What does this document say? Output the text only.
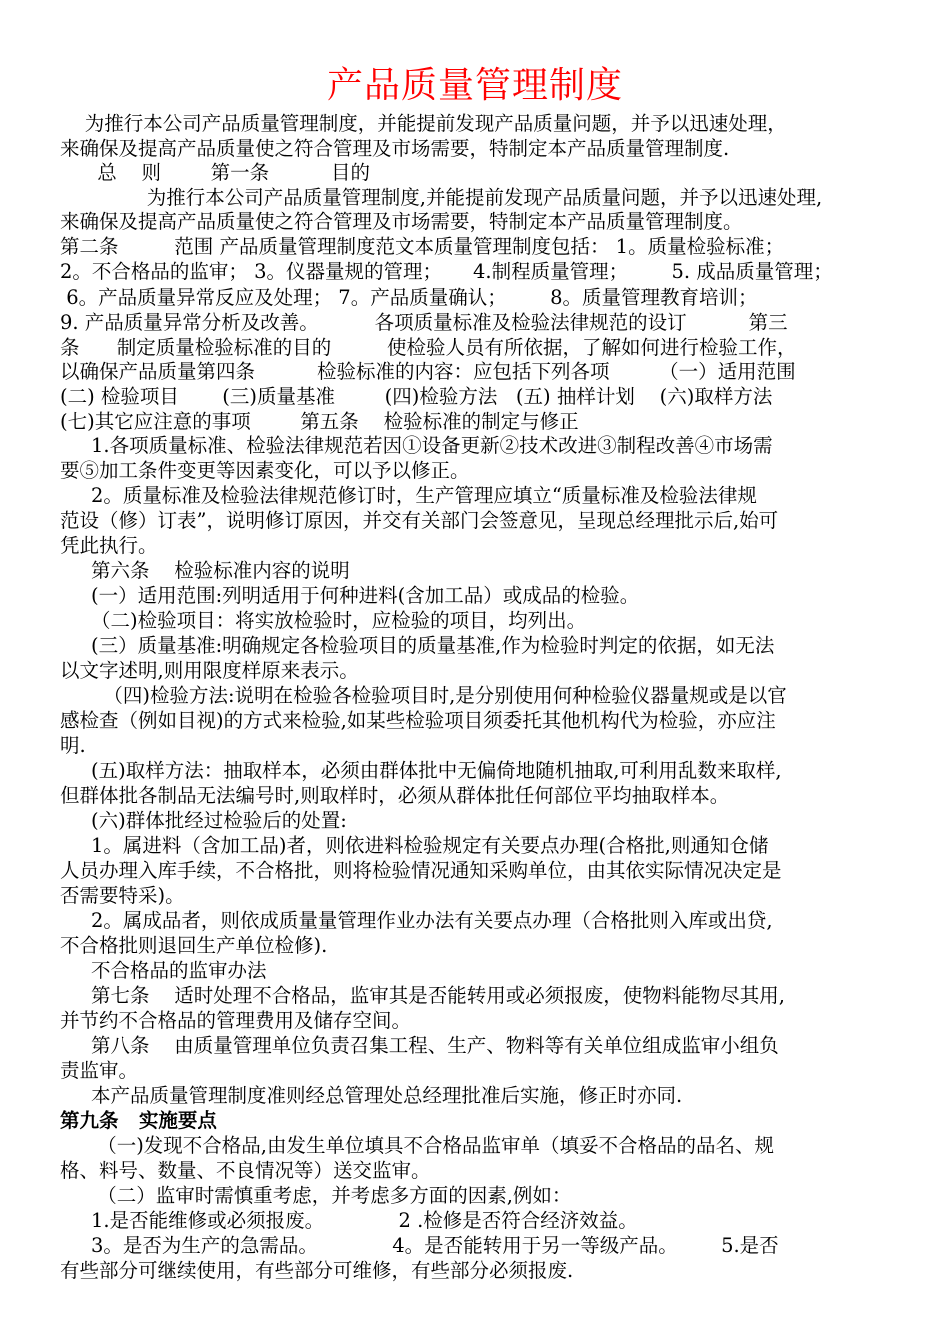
产品质量管理制度

为推行本公司产品质量管理制度，并能提前发现产品质量问题，并予以迅速处理，

来确保及提高产品质量使之符合管理及市场需要，特制定本产品质量管理制度.

总    则        第一条          目的

为推行本公司产品质量管理制度,并能提前发现产品质量问题，并予以迅速处理,

来确保及提高产品质量使之符合管理及市场需要，特制定本产品质量管理制度。

第二条         范围 产品质量管理制度范文本质量管理制度包括： 1。质量检验标准；

2。不合格品的监审； 3。仪器量规的管理；     4.制程质量管理；       5. 成品质量管理；

6。产品质量异常反应及处理； 7。产品质量确认；       8。质量管理教育培训；

9. 产品质量异常分析及改善。         各项质量标准及检验法律规范的设订          第三

条      制定质量检验标准的目的         使检验人员有所依据，了解如何进行检验工作，

以确保产品质量第四条          检验标准的内容：应包括下列各项        （一）适用范围

(二) 检验项目       (三)质量基准        (四)检验方法   (五) 抽样计划    (六)取样方法

(七)其它应注意的事项        第五条    检验标准的制定与修正

1.各项质量标准、检验法律规范若因①设备更新②技术改进③制程改善④市场需

要⑤加工条件变更等因素变化，可以予以修正。

2。质量标准及检验法律规范修订时，生产管理应填立“质量标准及检验法律规

范设（修）订表”，说明修订原因，并交有关部门会签意见，呈现总经理批示后,始可

凭此执行。

第六条    检验标准内容的说明

(一）适用范围:列明适用于何种进料(含加工品）或成品的检验。

（二)检验项目：将实放检验时，应检验的项目，均列出。

(三）质量基准:明确规定各检验项目的质量基准,作为检验时判定的依据，如无法

以文字述明,则用限度样原来表示。

（四)检验方法:说明在检验各检验项目时,是分别使用何种检验仪器量规或是以官

感检查（例如目视)的方式来检验,如某些检验项目须委托其他机构代为检验，亦应注

明.

(五)取样方法：抽取样本，必须由群体批中无偏倚地随机抽取,可利用乱数来取样,

但群体批各制品无法编号时,则取样时，必须从群体批任何部位平均抽取样本。

(六)群体批经过检验后的处置:

1。属进料（含加工品)者，则依进料检验规定有关要点办理(合格批,则通知仓储

人员办理入库手续，不合格批，则将检验情况通知采购单位，由其依实际情况决定是

否需要特采)。

2。属成品者，则依成质量量管理作业办法有关要点办理（合格批则入库或出贷,

不合格批则退回生产单位检修).

不合格品的监审办法

第七条    适时处理不合格品，监审其是否能转用或必须报废，使物料能物尽其用,

并节约不合格品的管理费用及储存空间。

第八条    由质量管理单位负责召集工程、生产、物料等有关单位组成监审小组负

责监审。

本产品质量管理制度准则经总管理处总经理批准后实施，修正时亦同.

第九条   实施要点

（一)发现不合格品,由发生单位填具不合格品监审单（填妥不合格品的品名、规

格、料号、数量、不良情况等）送交监审。

（二）监审时需慎重考虑，并考虑多方面的因素,例如：

1.是否能维修或必须报废。            2 .检修是否符合经济效益。

3。是否为生产的急需品。            4。是否能转用于另一等级产品。       5.是否

有些部分可继续使用，有些部分可维修，有些部分必须报废.
